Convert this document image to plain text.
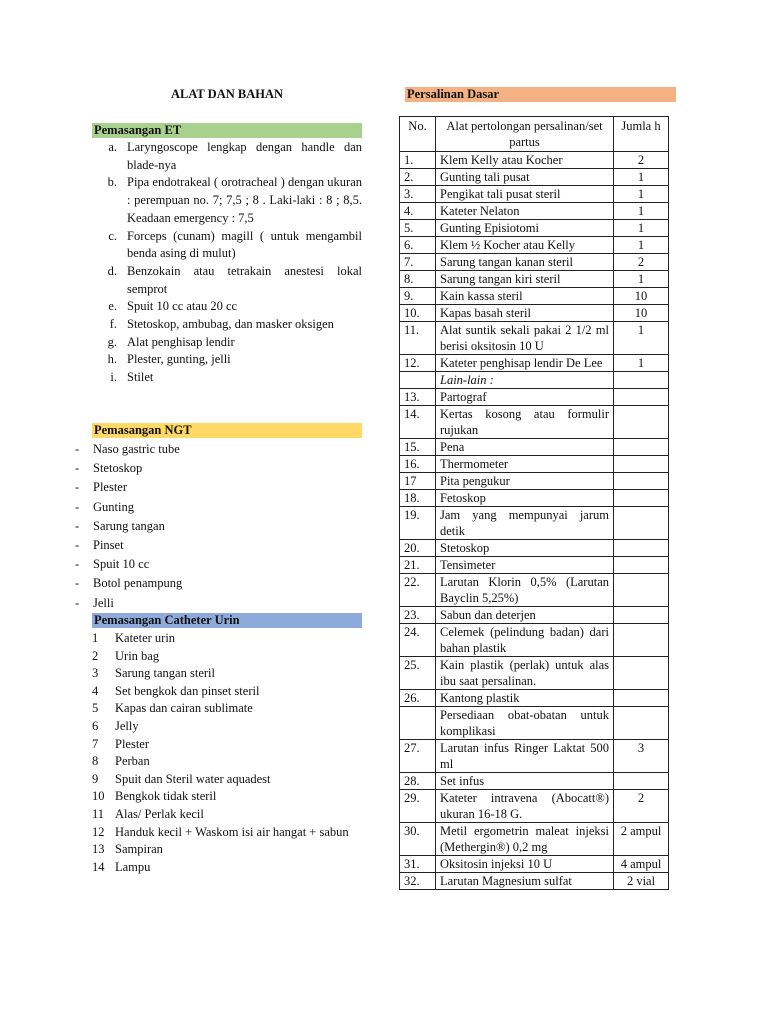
ALAT DAN BAHAN
Pemasangan ET
a. Laryngoscope lengkap dengan handle dan blade-nya
b. Pipa endotrakeal ( orotracheal ) dengan ukuran : perempuan no. 7; 7,5 ; 8 . Laki-laki : 8 ; 8,5. Keadaan emergency : 7,5
c. Forceps (cunam) magill ( untuk mengambil benda asing di mulut)
d. Benzokain atau tetrakain anestesi lokal semprot
e. Spuit 10 cc atau 20 cc
f. Stetoskop, ambubag, dan masker oksigen
g. Alat penghisap lendir
h. Plester, gunting, jelli
i. Stilet
Pemasangan NGT
-	Naso gastric tube
-	Stetoskop
-	Plester
-	Gunting
-	Sarung tangan
-	Pinset
-	Spuit 10 cc
-	Botol penampung
-	Jelli
Pemasangan Catheter Urin
1	Kateter urin
2	Urin bag
3	Sarung tangan steril
4	Set bengkok dan pinset steril
5	Kapas dan cairan sublimate
6	Jelly
7	Plester
8	Perban
9	Spuit dan Steril water aquadest
10 Bengkok tidak steril
11 Alas/ Perlak kecil
12 Handuk kecil + Waskom isi air hangat + sabun
13 Sampiran
14 Lampu
Persalinan Dasar
No.	Alat pertolongan persalinan/set partus	Jumla h
1.	Klem Kelly atau Kocher	2
2.	Gunting tali pusat	1
3.	Pengikat tali pusat steril	1
4.	Kateter Nelaton	1
5.	Gunting Episiotomi	1
6.	Klem ½ Kocher atau Kelly	1
7.	Sarung tangan kanan steril	2
8.	Sarung tangan kiri steril	1
9.	Kain kassa steril	10
10.	Kapas basah steril	10
11.	Alat suntik sekali pakai 2 1/2 ml berisi oksitosin 10 U	1
12.	Kateter penghisap lendir De Lee	1
	Lain-lain :	
13.	Partograf	
14.	Kertas kosong atau formulir rujukan	
15.	Pena	
16.	Thermometer	
17	Pita pengukur	
18.	Fetoskop	
19.	Jam yang mempunyai jarum detik	
20.	Stetoskop	
21.	Tensimeter	
22.	Larutan Klorin 0,5% (Larutan Bayclin 5,25%)	
23.	Sabun dan deterjen	
24.	Celemek (pelindung badan) dari bahan plastik	
25.	Kain plastik (perlak) untuk alas ibu saat persalinan.	
26.	Kantong plastik	
	Persediaan obat-obatan untuk komplikasi	
27.	Larutan infus Ringer Laktat 500 ml	3
28.	Set infus	
29.	Kateter intravena (Abocatt®) ukuran 16-18 G.	2
30.	Metil ergometrin maleat injeksi (Methergin®) 0,2 mg	2 ampul
31.	Oksitosin injeksi 10 U	4 ampul
32.	Larutan Magnesium sulfat	2 vial
